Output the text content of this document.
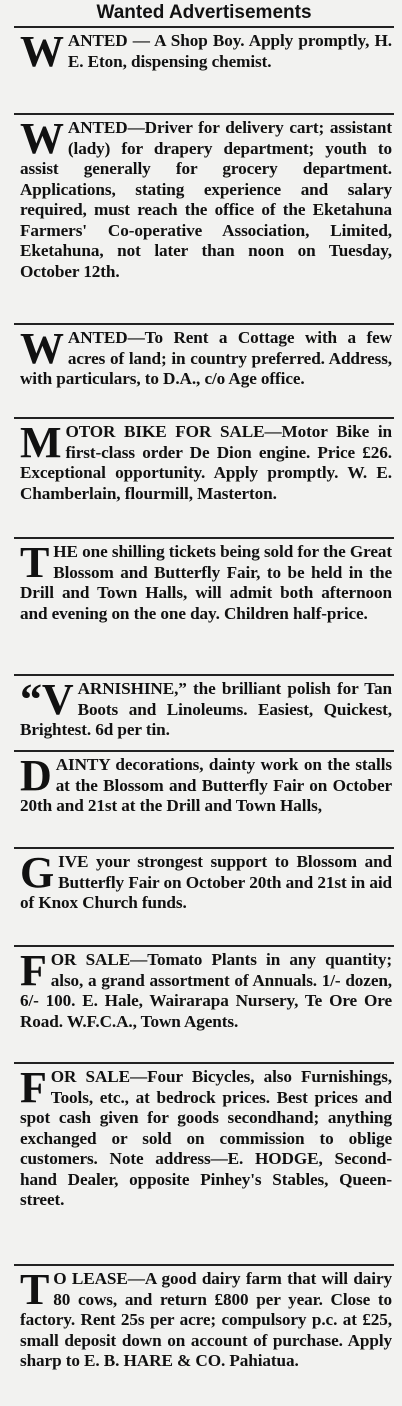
Wanted Advertisements

WANTED — A Shop Boy. Apply promptly, H. E. Eton, dispensing chemist.

WANTED—Driver for delivery cart; assistant (lady) for drapery department; youth to assist generally for grocery department. Applications, stating experience and salary required, must reach the office of the Eketahuna Farmers' Co-operative Association, Limited, Eketahuna, not later than noon on Tuesday, October 12th.

WANTED—To Rent a Cottage with a few acres of land; in country preferred. Address, with particulars, to D.A., c/o Age office.

MOTOR BIKE FOR SALE—Motor Bike in first-class order De Dion engine. Price £26. Exceptional opportunity. Apply promptly. W. E. Chamberlain, flourmill, Masterton.

THE one shilling tickets being sold for the Great Blossom and Butterfly Fair, to be held in the Drill and Town Halls, will admit both afternoon and evening on the one day. Children half-price.

“VARNISHINE,” the brilliant polish for Tan Boots and Linoleums. Easiest, Quickest, Brightest. 6d per tin.

DAINTY decorations, dainty work on the stalls at the Blossom and Butterfly Fair on October 20th and 21st at the Drill and Town Halls,

GIVE your strongest support to Blossom and Butterfly Fair on October 20th and 21st in aid of Knox Church funds.

FOR SALE—Tomato Plants in any quantity; also, a grand assortment of Annuals. 1/- dozen, 6/- 100. E. Hale, Wairarapa Nursery, Te Ore Ore Road. W.F.C.A., Town Agents.

FOR SALE—Four Bicycles, also Furnishings, Tools, etc., at bedrock prices. Best prices and spot cash given for goods secondhand; anything exchanged or sold on commission to oblige customers. Note address—E. HODGE, Second-hand Dealer, opposite Pinhey's Stables, Queen-street.

T O LEASE—A good dairy farm that will dairy 80 cows, and return £800 per year. Close to factory. Rent 25s per acre; compulsory p.c. at £25, small deposit down on account of purchase. Apply sharp to E. B. HARE & CO. Pahiatua.
